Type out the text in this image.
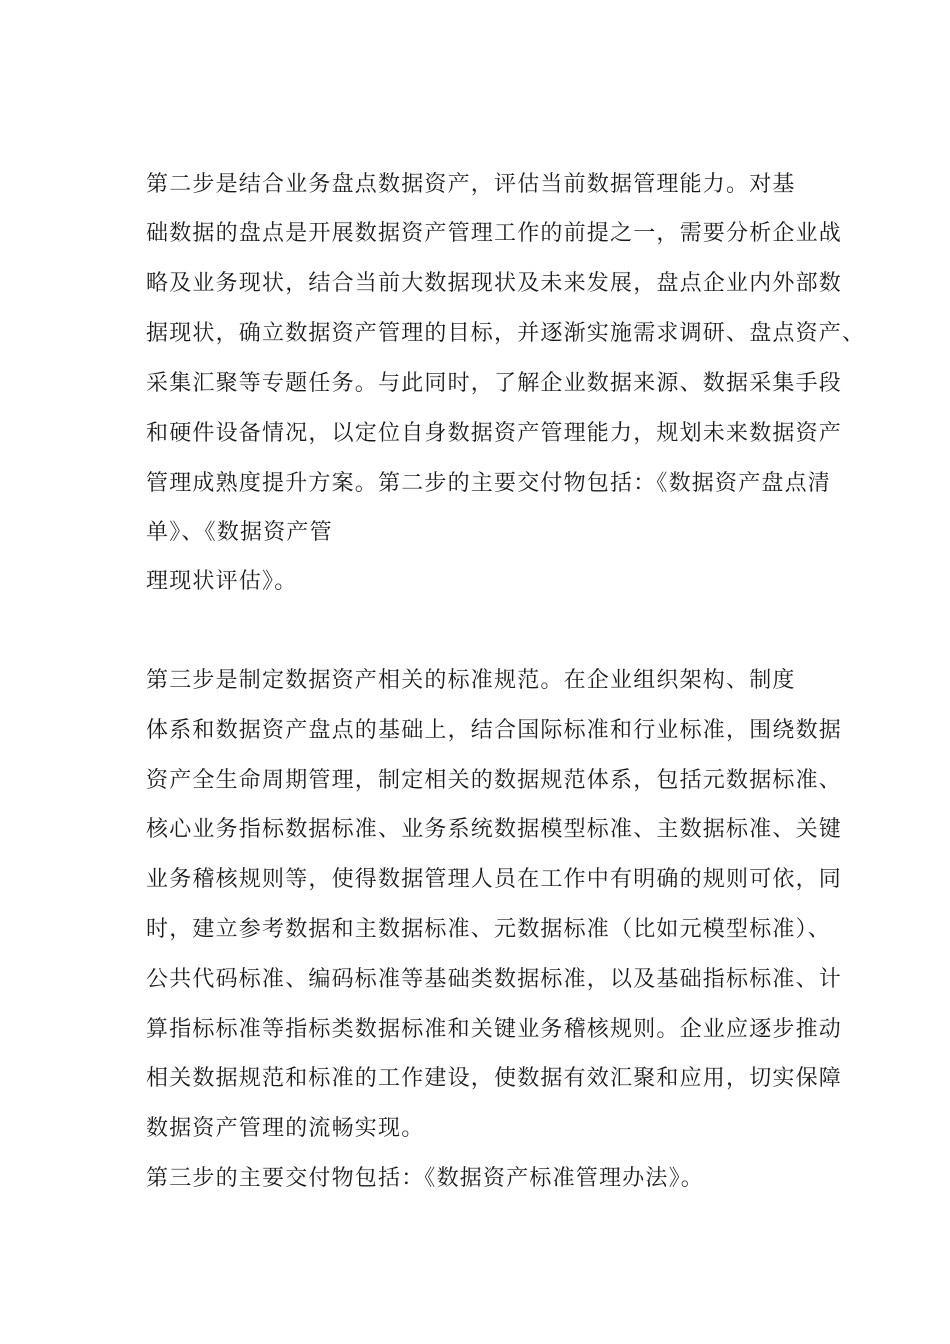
第二步是结合业务盘点数据资产，评估当前数据管理能力。对基
础数据的盘点是开展数据资产管理工作的前提之一，需要分析企业战
略及业务现状，结合当前大数据现状及未来发展，盘点企业内外部数
据现状，确立数据资产管理的目标，并逐渐实施需求调研、盘点资产、
采集汇聚等专题任务。与此同时，了解企业数据来源、数据采集手段
和硬件设备情况，以定位自身数据资产管理能力，规划未来数据资产
管理成熟度提升方案。第二步的主要交付物包括：《数据资产盘点清
单》、《数据资产管
理现状评估》。
第三步是制定数据资产相关的标准规范。在企业组织架构、制度
体系和数据资产盘点的基础上，结合国际标准和行业标准，围绕数据
资产全生命周期管理，制定相关的数据规范体系，包括元数据标准、
核心业务指标数据标准、业务系统数据模型标准、主数据标准、关键
业务稽核规则等，使得数据管理人员在工作中有明确的规则可依，同
时，建立参考数据和主数据标准、元数据标准（比如元模型标准）、
公共代码标准、编码标准等基础类数据标准，以及基础指标标准、计
算指标标准等指标类数据标准和关键业务稽核规则。企业应逐步推动
相关数据规范和标准的工作建设，使数据有效汇聚和应用，切实保障
数据资产管理的流畅实现。
第三步的主要交付物包括：《数据资产标准管理办法》。
